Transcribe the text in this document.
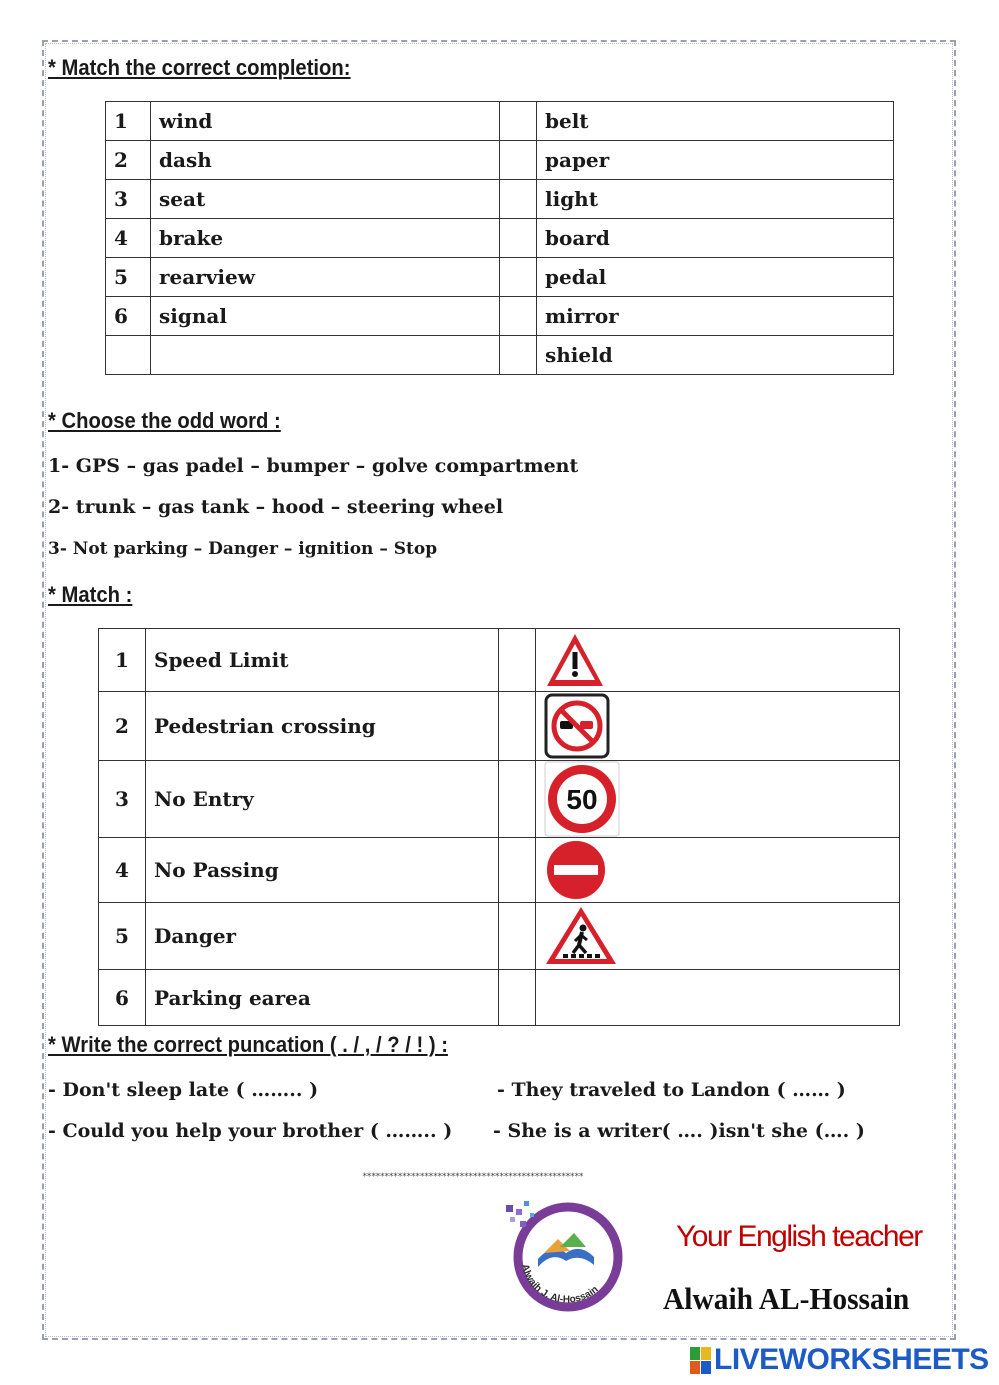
* Match the correct completion:
1	wind		belt
2	dash		paper
3	seat		light
4	brake		board
5	rearview		pedal
6	signal		mirror
			shield
* Choose the odd word :
1- GPS – gas padel – bumper – golve compartment
2- trunk – gas tank – hood – steering wheel
3- Not parking – Danger – ignition – Stop
* Match :
1	Speed Limit		

2	Pedestrian crossing		

3	No Entry		50

4	No Passing		

5	Danger		

6	Parking earea		
* Write the correct puncation ( . / , / ? / ! ) :
- Don't sleep late ( …….. )	- They traveled to Landon ( …… )
- Could you help your brother ( …….. ) - She is a writer( …. )isn't she (…. )
**************************************************
Alwaih J. Al-Hossain
Your English teacher
Alwaih AL-Hossain
LIVEWORKSHEETS
